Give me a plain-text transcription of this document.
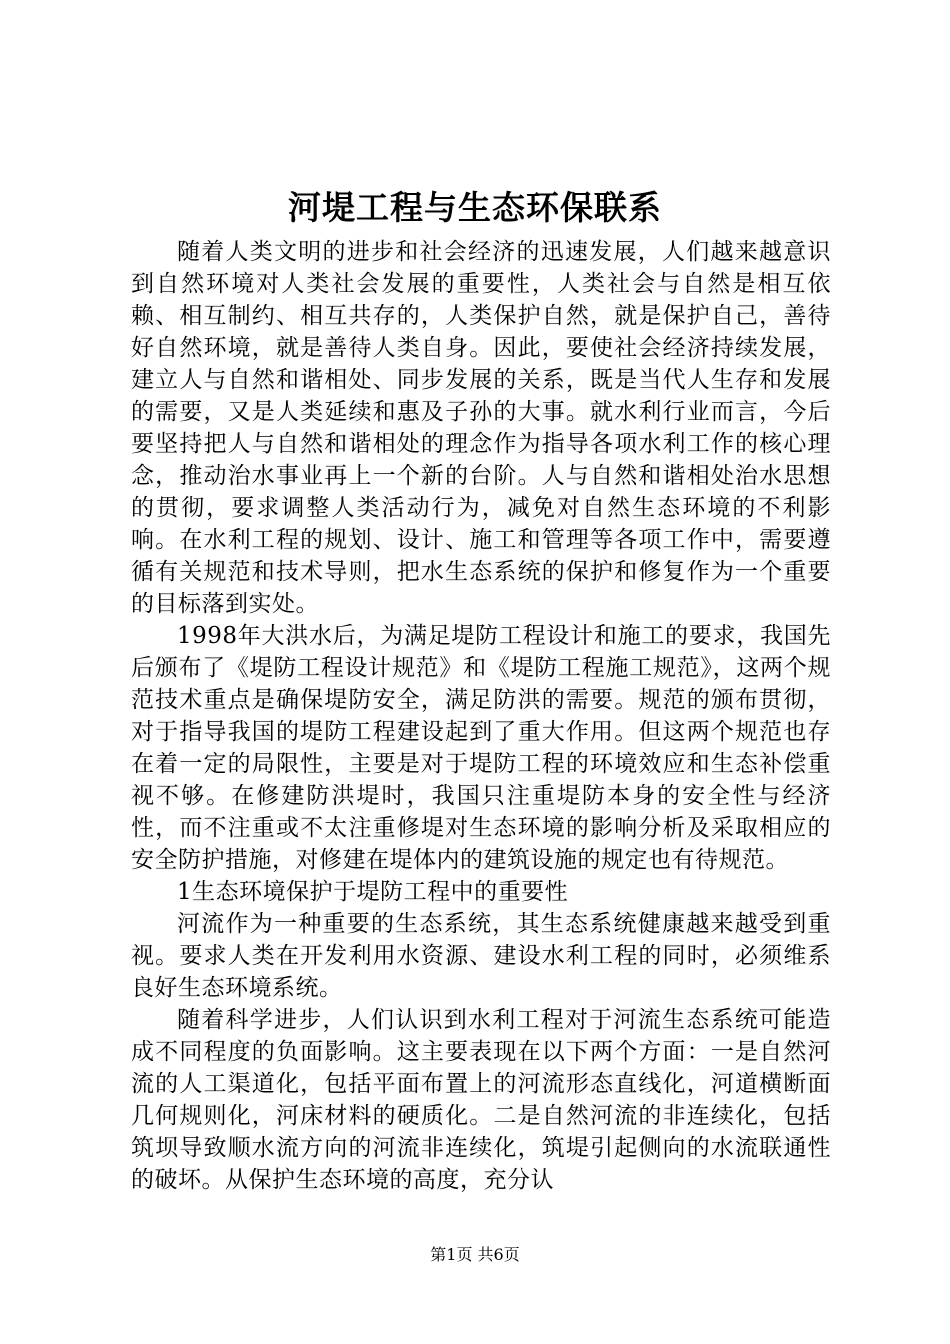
河堤工程与生态环保联系

随着人类文明的进步和社会经济的迅速发展，人们越来越意识到自然环境对人类社会发展的重要性，人类社会与自然是相互依赖、相互制约、相互共存的，人类保护自然，就是保护自己，善待好自然环境，就是善待人类自身。因此，要使社会经济持续发展，建立人与自然和谐相处、同步发展的关系，既是当代人生存和发展的需要，又是人类延续和惠及子孙的大事。就水利行业而言，今后要坚持把人与自然和谐相处的理念作为指导各项水利工作的核心理念，推动治水事业再上一个新的台阶。人与自然和谐相处治水思想的贯彻，要求调整人类活动行为，减免对自然生态环境的不利影响。在水利工程的规划、设计、施工和管理等各项工作中，需要遵循有关规范和技术导则，把水生态系统的保护和修复作为一个重要的目标落到实处。

1998年大洪水后，为满足堤防工程设计和施工的要求，我国先后颁布了《堤防工程设计规范》和《堤防工程施工规范》，这两个规范技术重点是确保堤防安全，满足防洪的需要。规范的颁布贯彻，对于指导我国的堤防工程建设起到了重大作用。但这两个规范也存在着一定的局限性，主要是对于堤防工程的环境效应和生态补偿重视不够。在修建防洪堤时，我国只注重堤防本身的安全性与经济性，而不注重或不太注重修堤对生态环境的影响分析及采取相应的安全防护措施，对修建在堤体内的建筑设施的规定也有待规范。

1生态环境保护于堤防工程中的重要性

河流作为一种重要的生态系统，其生态系统健康越来越受到重视。要求人类在开发利用水资源、建设水利工程的同时，必须维系良好生态环境系统。

随着科学进步，人们认识到水利工程对于河流生态系统可能造成不同程度的负面影响。这主要表现在以下两个方面：一是自然河流的人工渠道化，包括平面布置上的河流形态直线化，河道横断面几何规则化，河床材料的硬质化。二是自然河流的非连续化，包括筑坝导致顺水流方向的河流非连续化，筑堤引起侧向的水流联通性的破坏。从保护生态环境的高度，充分认

第1页 共6页
